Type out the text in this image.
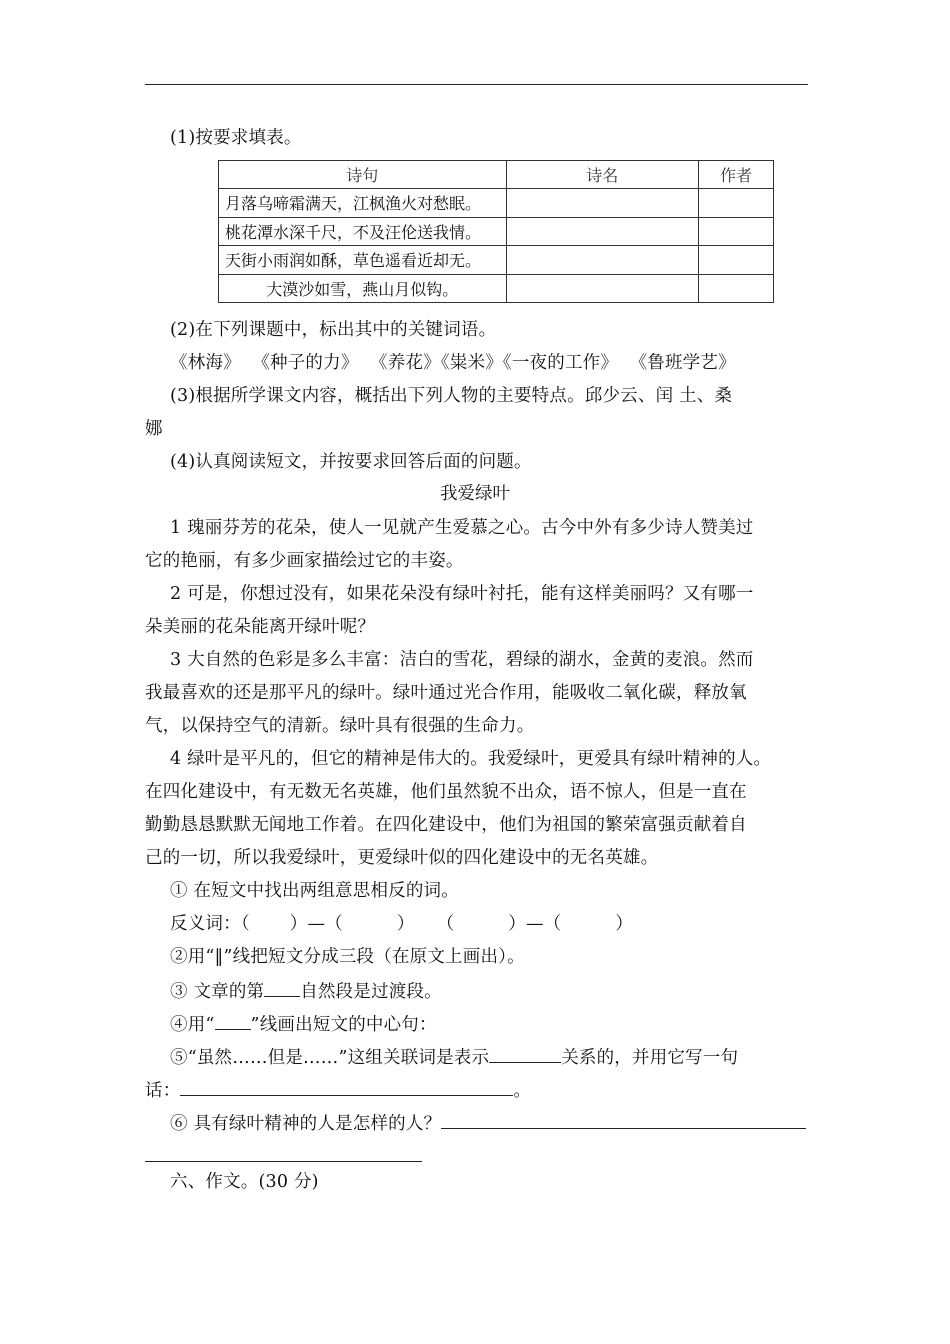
(1)按要求填表。
诗句	诗名	作者
月落乌啼霜满天，江枫渔火对愁眠。		
桃花潭水深千尺，不及汪伦送我情。		
天街小雨润如酥，草色遥看近却无。		
大漠沙如雪，燕山月似钩。		
(2)在下列课题中，标出其中的关键词语。
《林海》  《种子的力》  《养花》《粜米》《一夜的工作》  《鲁班学艺》
(3)根据所学课文内容，概括出下列人物的主要特点。邱少云、闰 土、桑
娜
(4)认真阅读短文，并按要求回答后面的问题。
我爱绿叶
1 瑰丽芬芳的花朵，使人一见就产生爱慕之心。古今中外有多少诗人赞美过
它的艳丽，有多少画家描绘过它的丰姿。
2 可是，你想过没有，如果花朵没有绿叶衬托，能有这样美丽吗？又有哪一
朵美丽的花朵能离开绿叶呢？
3 大自然的色彩是多么丰富：洁白的雪花，碧绿的湖水，金黄的麦浪。然而
我最喜欢的还是那平凡的绿叶。绿叶通过光合作用，能吸收二氧化碳，释放氧
气，以保持空气的清新。绿叶具有很强的生命力。
4 绿叶是平凡的，但它的精神是伟大的。我爱绿叶，更爱具有绿叶精神的人。
在四化建设中，有无数无名英雄，他们虽然貌不出众，语不惊人，但是一直在
勤勤恳恳默默无闻地工作着。在四化建设中，他们为祖国的繁荣富强贡献着自
己的一切，所以我爱绿叶，更爱绿叶似的四化建设中的无名英雄。
① 在短文中找出两组意思相反的词。
反义词：（ ）—（	） （	）—（	）
②用“‖”线把短文分成三段（在原文上画出）。
③ 文章的第 自然段是过渡段。
④用“ ”线画出短文的中心句：
⑤“虽然……但是……”这组关联词是表示	关系的，并用它写一句
话：	。
⑥ 具有绿叶精神的人是怎样的人？
六、作文。(30 分)
